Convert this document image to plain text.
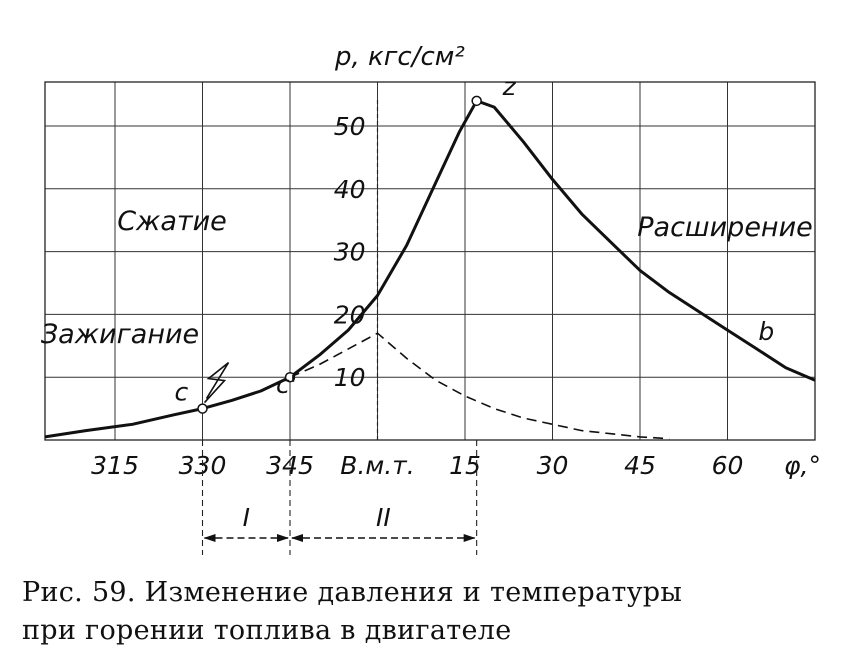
315 330 345 В.м.т. 15 30 45 60 φ,°
10
20
30
40
50
p, кгс/см²
c	c'
z
b
Сжатие	Расширение
Зажигание
I	II
Рис. 59. Изменение давления и температуры
при горении топлива в двигателе
